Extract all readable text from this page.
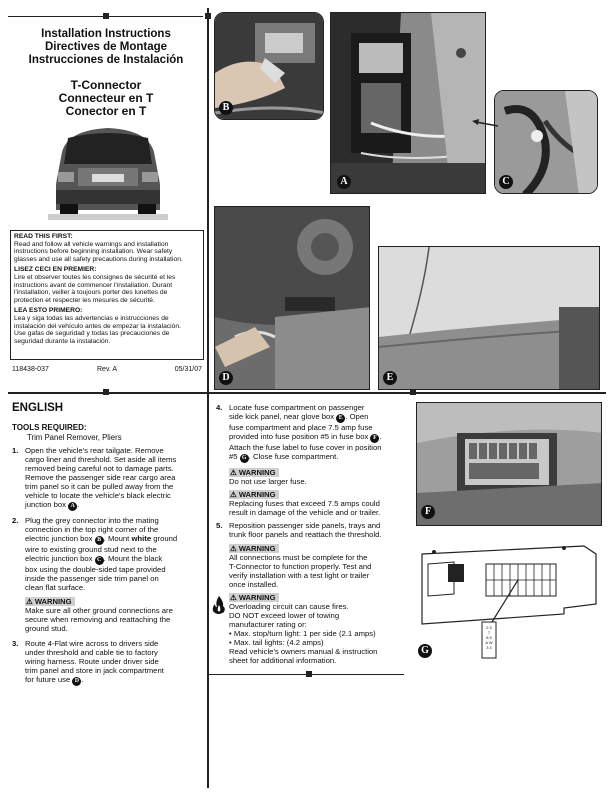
Installation Instructions
Directives de Montage
Instrucciones de Instalación
T-Connector
Connecteur en T
Conector en T
READ THIS FIRST:
Read and follow all vehicle warnings and installation
instructions before beginning installation. Wear safety
glasses and use all safety precautions during installation.
LISEZ CECI EN PREMIER:
Lire et observer toutes les consignes de sécurité et les
instructions avant de commencer l'installation. Durant
l'installation, veiller à toujours porter des lunettes de
protection et respecter les mesures de sécurité.
LEA ESTO PRIMERO:
Lea y siga todas las advertencias e instrucciones de
instalación del vehículo antes de empezar la instalación.
Use gafas de seguridad y todas las precauciones de
seguridad durante la instalación.
118438-037	Rev. A	05/31/07
A
B
C
D	E
F
2 3
7
8 9
A W
3 4
G
ENGLISH
TOOLS REQUIRED:
Trim Panel Remover, Pliers
1. Open the vehicle's rear tailgate. Remove
cargo liner and threshold. Set aside all items
removed being careful not to damage parts.
Remove the passenger side rear cargo area
trim panel so it can be pulled away from the
vehicle to locate the vehicle's black electric
junction box A .
2. Plug the grey connector into the mating
connection in the top right corner of the
electric junction box B . Mount white ground
wire to existing ground stud next to the
electric junction box C . Mount the black
box using the double-sided tape provided
inside the passenger side trim panel on
clean flat surface.
⚠ WARNING
Make sure all other ground connections are
secure when removing and reattaching the
ground stud.
3. Route 4-Flat wire across to drivers side
under threshold and cable tie to factory
wiring harness. Route under driver side
trim panel and store in jack compartment
for future use D .
4. Locate fuse compartment on passenger
side kick panel, near glove box E . Open
fuse compartment and place 7.5 amp fuse
provided into fuse position #5 in fuse box F .
Attach the fuse label to fuse cover in position
#5 G . Close fuse compartment.
⚠ WARNING
Do not use larger fuse.
⚠ WARNING
Replacing fuses that exceed 7.5 amps could
result in damage of the vehicle and or trailer.
5. Reposition passenger side panels, trays and
trunk floor panels and reattach the threshold.
⚠ WARNING
All connections must be complete for the
T-Connector to function properly. Test and
verify installation with a test light or trailer
once installed.
⚠ WARNING
Overloading circuit can cause fires.
DO NOT exceed lower of towing
manufacturer rating or:
• Max. stop/turn light: 1 per side (2.1 amps)
• Max. tail lights: (4.2 amps)
Read vehicle's owners manual & instruction
sheet for additional information.
